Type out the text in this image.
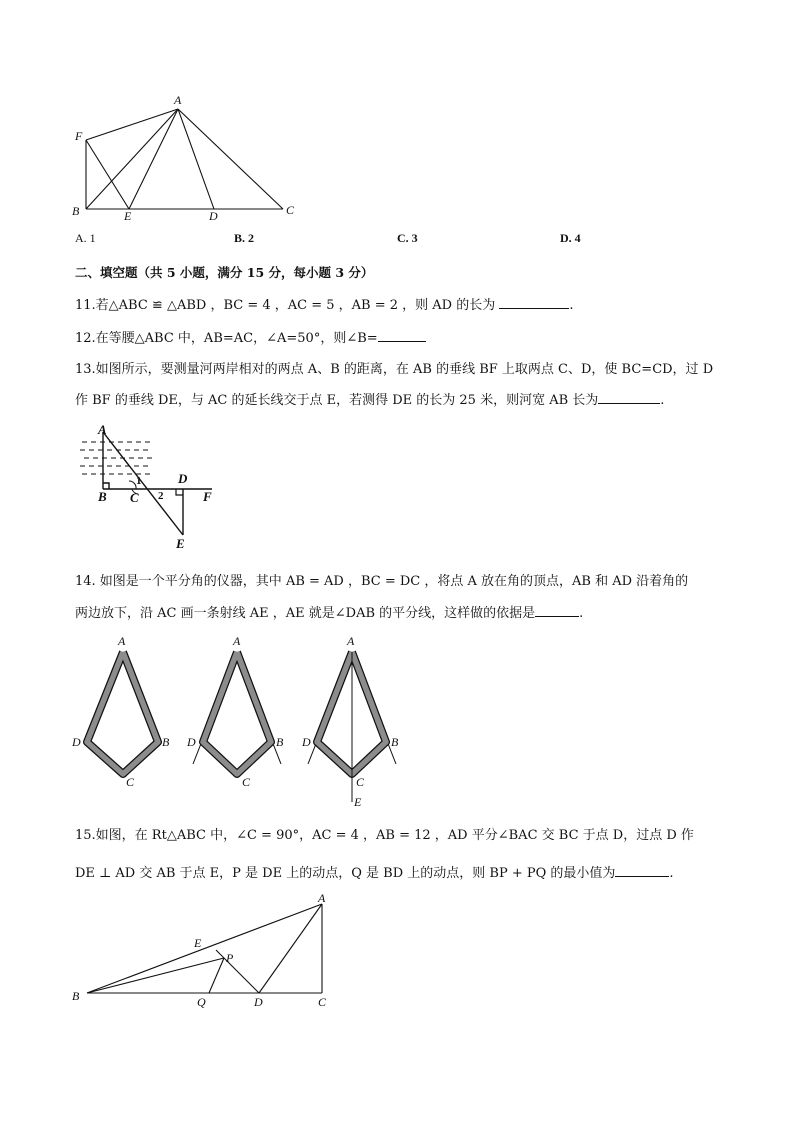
A
F
B	E	D	C
A. 1	B. 2	C. 3	D. 4
二、填空题（共 5 小题，满分 15 分，每小题 3 分）
11.若△ABC ≌ △ABD ，BC = 4 ，AC = 5 ，AB = 2 ，则 AD 的长为	.
12.在等腰△ABC 中，AB=AC，∠A=50°，则∠B=
13.如图所示，要测量河两岸相对的两点 A、B 的距离，在 AB 的垂线 BF 上取两点 C、D，使 BC=CD，过 D
作 BF 的垂线 DE，与 AC 的延长线交于点 E，若测得 DE 的长为 25 米，则河宽 AB 长为	.
A
B C
D
F
E
1
2
14. 如图是一个平分角的仪器，其中 AB = AD ，BC = DC ，将点 A 放在角的顶点，AB 和 AD 沿着角的
两边放下，沿 AC 画一条射线 AE ，AE 就是∠DAB 的平分线，这样做的依据是	.
A
D	B
C
A
D	B
C
A
D	B
C
E
15.如图，在 Rt△ABC 中，∠C = 90°，AC = 4 ，AB = 12 ，AD 平分∠BAC 交 BC 于点 D，过点 D 作
DE ⊥ AD 交 AB 于点 E，P 是 DE 上的动点，Q 是 BD 上的动点，则 BP + PQ 的最小值为	.
A
B	C
D
E
P
Q
